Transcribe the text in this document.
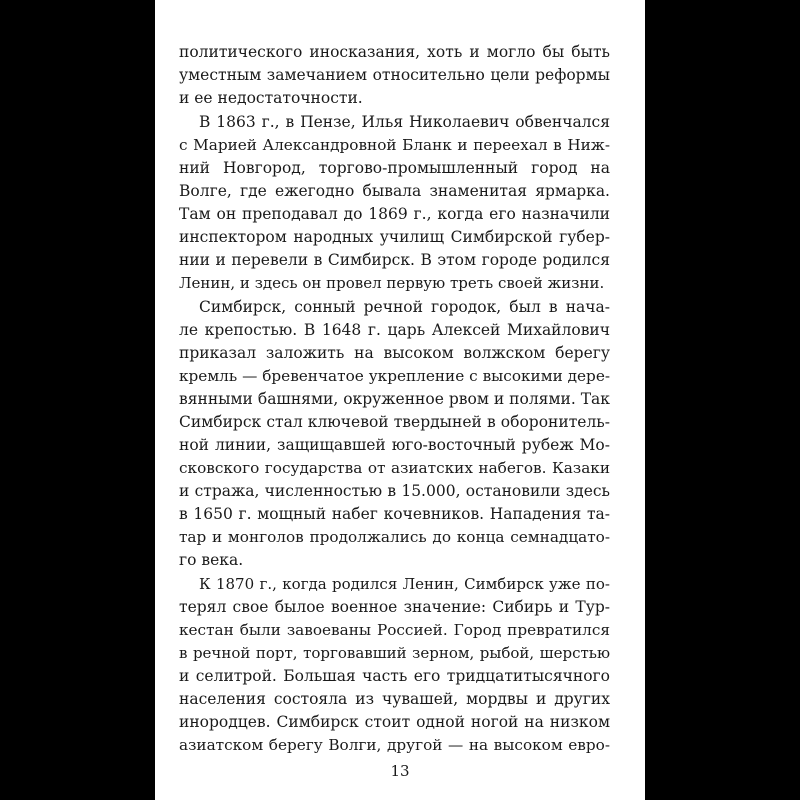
политического иносказания, хоть и могло бы быть

уместным замечанием относительно цели реформы

и ее недостаточности.

В 1863 г., в Пензе, Илья Николаевич обвенчался

с Марией Александровной Бланк и переехал в Ниж-

ний Новгород, торгово-промышленный город на

Волге, где ежегодно бывала знаменитая ярмарка.

Там он преподавал до 1869 г., когда его назначили

инспектором народных училищ Симбирской губер-

нии и перевели в Симбирск. В этом городе родился

Ленин, и здесь он провел первую треть своей жизни.

Симбирск, сонный речной городок, был в нача-

ле крепостью. В 1648 г. царь Алексей Михайлович

приказал заложить на высоком волжском берегу

кремль — бревенчатое укрепление с высокими дере-

вянными башнями, окруженное рвом и полями. Так

Симбирск стал ключевой твердыней в оборонитель-

ной линии, защищавшей юго-восточный рубеж Мо-

сковского государства от азиатских набегов. Казаки

и стража, численностью в 15.000, остановили здесь

в 1650 г. мощный набег кочевников. Нападения та-

тар и монголов продолжались до конца семнадцато-

го века.

К 1870 г., когда родился Ленин, Симбирск уже по-

терял свое былое военное значение: Сибирь и Тур-

кестан были завоеваны Россией. Город превратился

в речной порт, торговавший зерном, рыбой, шерстью

и селитрой. Большая часть его тридцатитысячного

населения состояла из чувашей, мордвы и других

инородцев. Симбирск стоит одной ногой на низком

азиатском берегу Волги, другой — на высоком евро-

13
